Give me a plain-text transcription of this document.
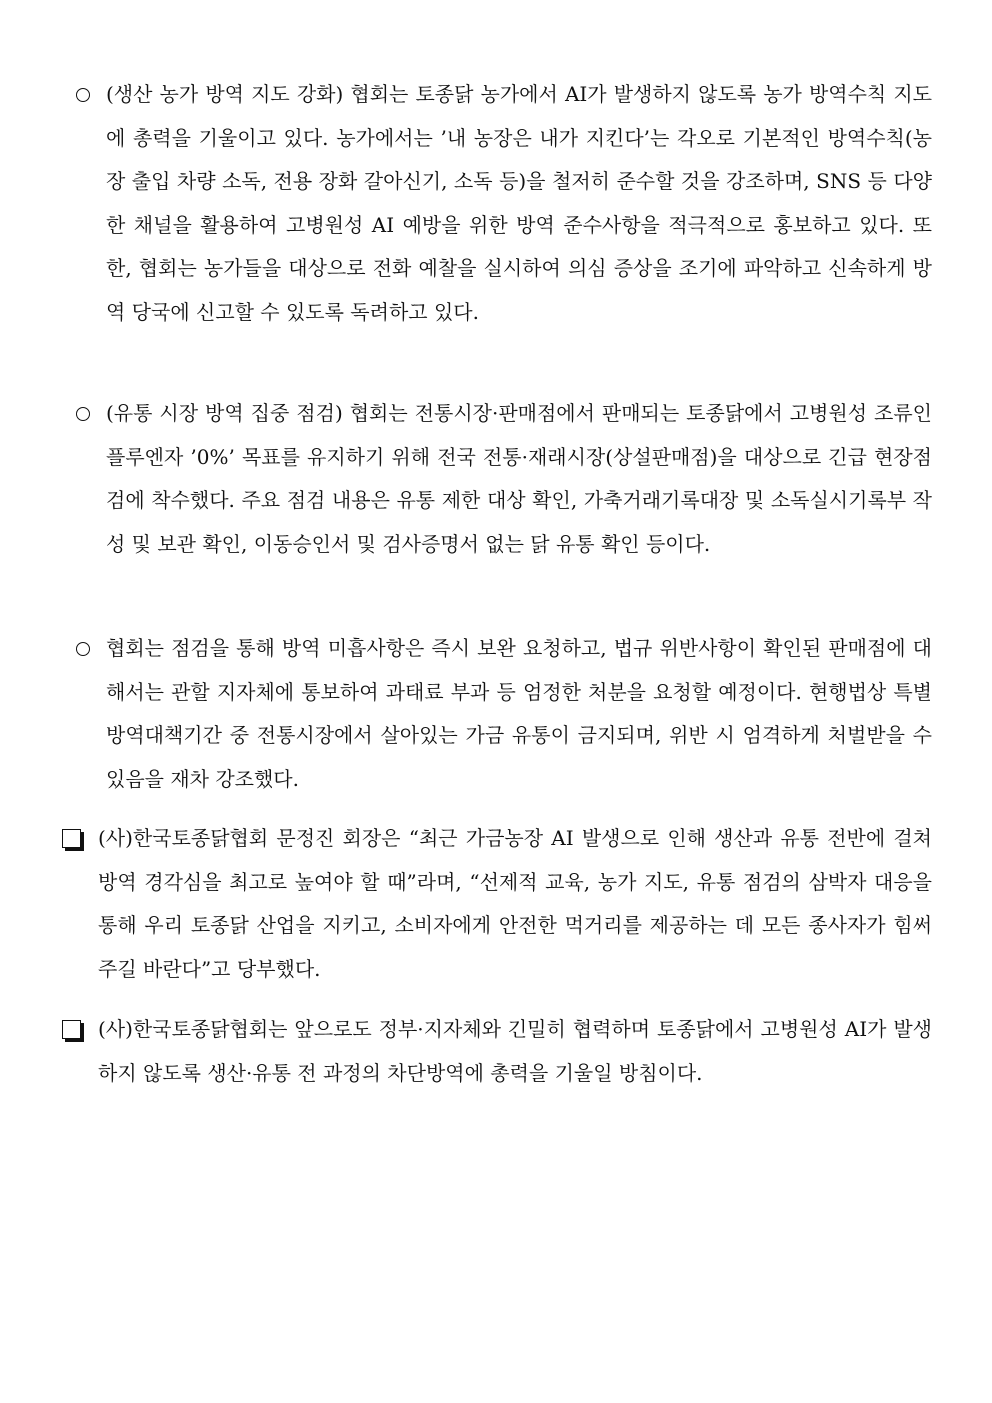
(생산 농가 방역 지도 강화) 협회는 토종닭 농가에서 AI가 발생하지 않도록 농가 방역수칙 지도에 총력을 기울이고 있다. 농가에서는 ’내 농장은 내가 지킨다’는 각오로 기본적인 방역수칙(농장 출입 차량 소독, 전용 장화 갈아신기, 소독 등)을 철저히 준수할 것을 강조하며, SNS 등 다양한 채널을 활용하여 고병원성 AI 예방을 위한 방역 준수사항을 적극적으로 홍보하고 있다. 또한, 협회는 농가들을 대상으로 전화 예찰을 실시하여 의심 증상을 조기에 파악하고 신속하게 방역 당국에 신고할 수 있도록 독려하고 있다.
(유통 시장 방역 집중 점검) 협회는 전통시장·판매점에서 판매되는 토종닭에서 고병원성 조류인플루엔자 ’0%’ 목표를 유지하기 위해 전국 전통·재래시장(상설판매점)을 대상으로 긴급 현장점검에 착수했다. 주요 점검 내용은 유통 제한 대상 확인, 가축거래기록대장 및 소독실시기록부 작성 및 보관 확인, 이동승인서 및 검사증명서 없는 닭 유통 확인 등이다.
협회는 점검을 통해 방역 미흡사항은 즉시 보완 요청하고, 법규 위반사항이 확인된 판매점에 대해서는 관할 지자체에 통보하여 과태료 부과 등 엄정한 처분을 요청할 예정이다. 현행법상 특별방역대책기간 중 전통시장에서 살아있는 가금 유통이 금지되며, 위반 시 엄격하게 처벌받을 수 있음을 재차 강조했다.
(사)한국토종닭협회 문정진 회장은 “최근 가금농장 AI 발생으로 인해 생산과 유통 전반에 걸쳐 방역 경각심을 최고로 높여야 할 때”라며, “선제적 교육, 농가 지도, 유통 점검의 삼박자 대응을 통해 우리 토종닭 산업을 지키고, 소비자에게 안전한 먹거리를 제공하는 데 모든 종사자가 힘써 주길 바란다”고 당부했다.
(사)한국토종닭협회는 앞으로도 정부·지자체와 긴밀히 협력하며 토종닭에서 고병원성 AI가 발생하지 않도록 생산·유통 전 과정의 차단방역에 총력을 기울일 방침이다.
